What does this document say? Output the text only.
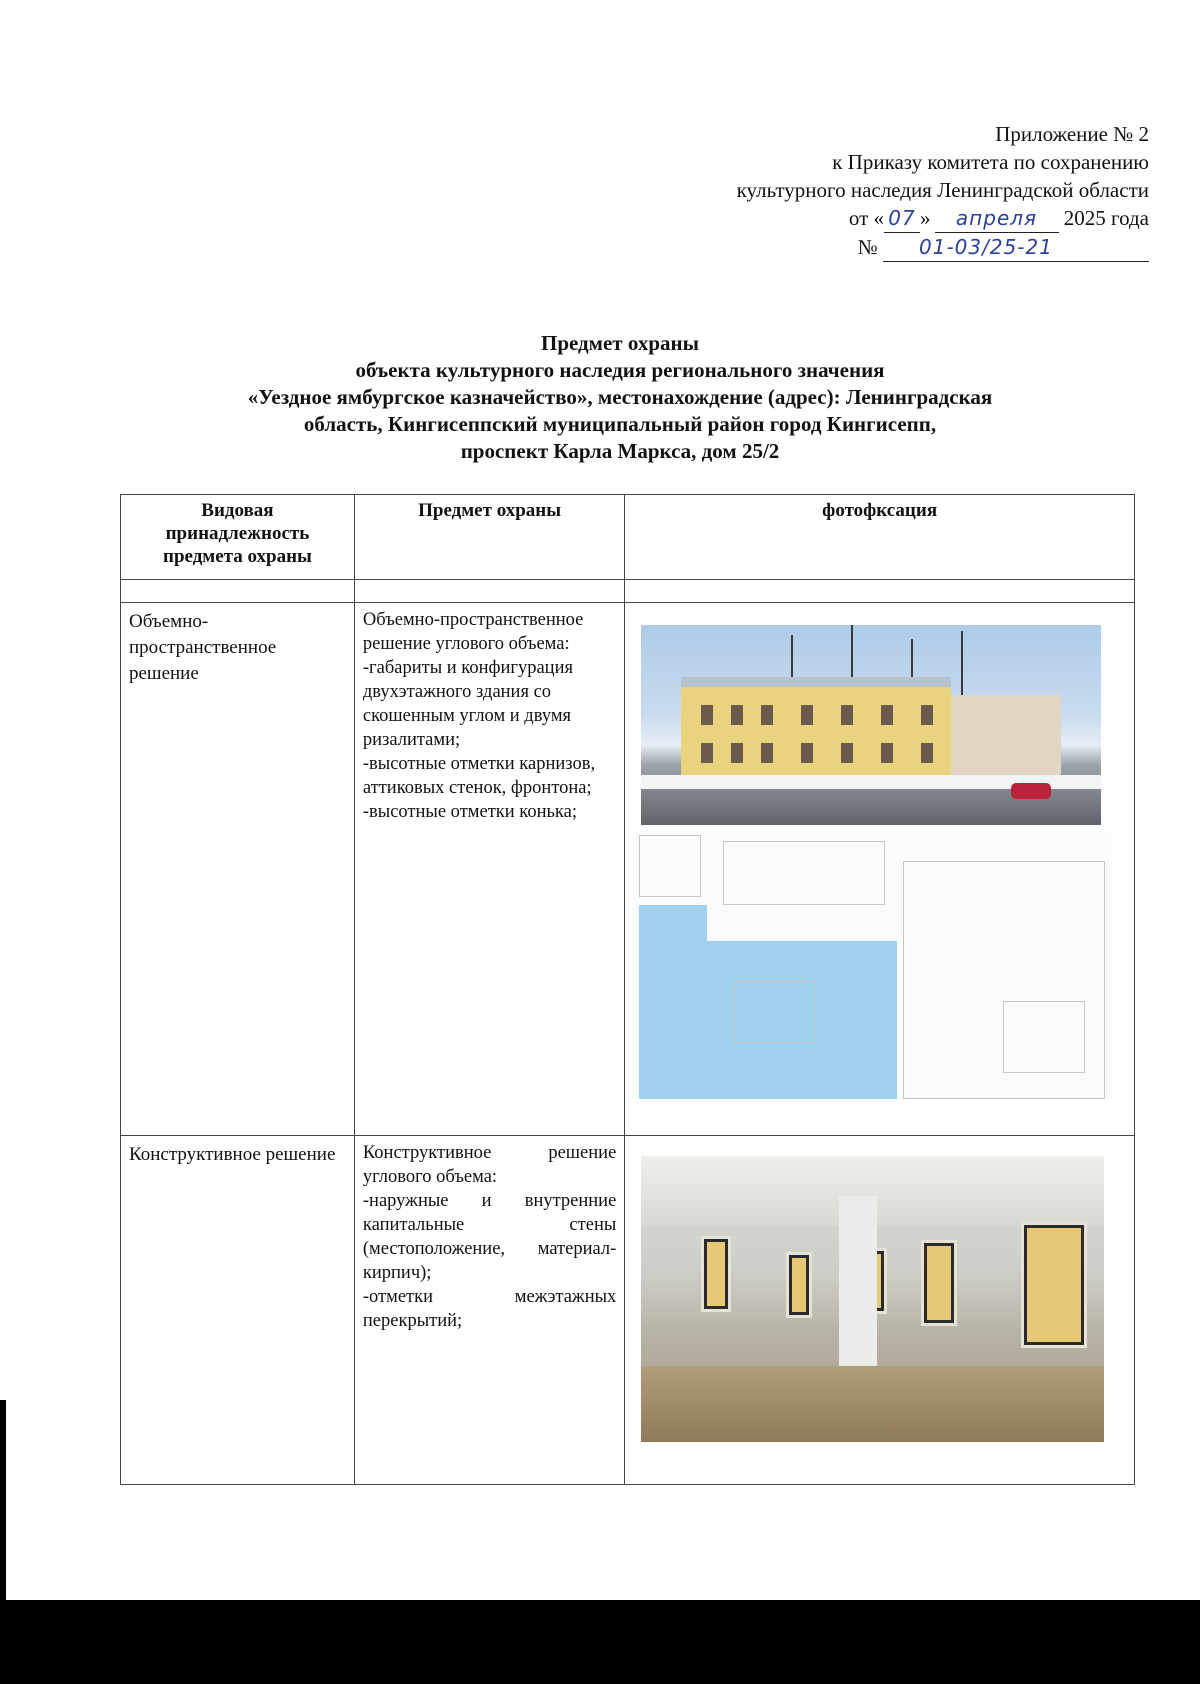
Приложение № 2
к Приказу комитета по сохранению
культурного наследия Ленинградской области
от « 07 » апреля 2025 года
№ 01-03/25-21
Предмет охраны
объекта культурного наследия регионального значения
«Уездное ямбургское казначейство», местонахождение (адрес): Ленинградская
область, Кингисеппский муниципальный район город Кингисепп,
проспект Карла Маркса, дом 25/2
Видовая принадлежность предмета охраны	Предмет охраны	фотофксация

Объемно-пространственное решение	Объемно-пространственное решение углового объема:
-габариты и конфигурация двухэтажного здания со скошенным углом и двумя ризалитами;
-высотные отметки карнизов, аттиковых стенок, фронтона;
-высотные отметки конька;	

Конструктивное решение	Конструктивное решение углового объема:
-наружные и внутренние капитальные стены (местоположение, материал-кирпич);
-отметки межэтажных перекрытий;	
